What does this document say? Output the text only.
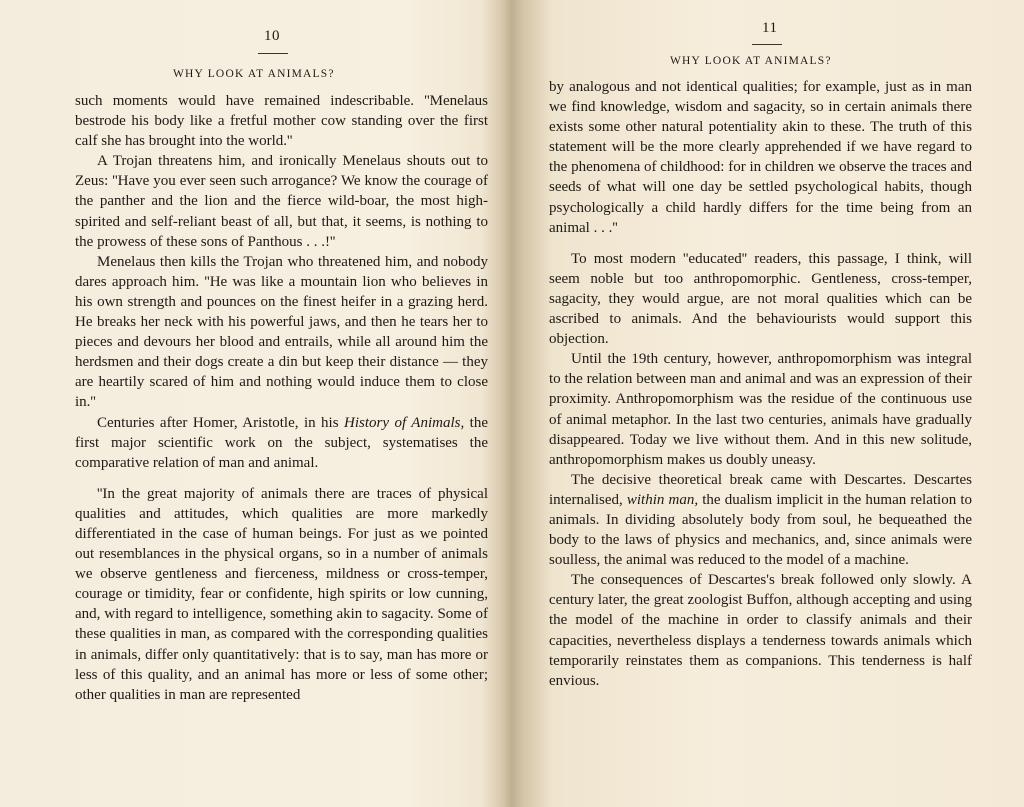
10
WHY LOOK AT ANIMALS?

such moments would have remained indescribable. ''Menelaus bestrode his body like a fretful mother cow standing over the first calf she has brought into the world.''

A Trojan threatens him, and ironically Menelaus shouts out to Zeus: ''Have you ever seen such arrogance? We know the courage of the panther and the lion and the fierce wild-boar, the most high-spirited and self-reliant beast of all, but that, it seems, is nothing to the prowess of these sons of Panthous . . .!''

Menelaus then kills the Trojan who threatened him, and nobody dares approach him. ''He was like a mountain lion who believes in his own strength and pounces on the finest heifer in a grazing herd. He breaks her neck with his powerful jaws, and then he tears her to pieces and devours her blood and entrails, while all around him the herdsmen and their dogs create a din but keep their distance — they are heartily scared of him and nothing would induce them to close in.''

Centuries after Homer, Aristotle, in his History of Animals, the first major scientific work on the subject, systematises the comparative relation of man and animal.

''In the great majority of animals there are traces of physical qualities and attitudes, which qualities are more markedly differentiated in the case of human beings. For just as we pointed out resemblances in the physical organs, so in a number of animals we observe gentleness and fierceness, mildness or cross-temper, courage or timidity, fear or confidente, high spirits or low cunning, and, with regard to intelligence, something akin to sagacity. Some of these qualities in man, as compared with the corresponding qualities in animals, differ only quantitatively: that is to say, man has more or less of this quality, and an animal has more or less of some other; other qualities in man are represented

11
WHY LOOK AT ANIMALS?

by analogous and not identical qualities; for example, just as in man we find knowledge, wisdom and sagacity, so in certain animals there exists some other natural potentiality akin to these. The truth of this statement will be the more clearly apprehended if we have regard to the phenomena of childhood: for in children we observe the traces and seeds of what will one day be settled psychological habits, though psychologically a child hardly differs for the time being from an animal . . .''

To most modern ''educated'' readers, this passage, I think, will seem noble but too anthropomorphic. Gentleness, cross-temper, sagacity, they would argue, are not moral qualities which can be ascribed to animals. And the behaviourists would support this objection.

Until the 19th century, however, anthropomorphism was integral to the relation between man and animal and was an expression of their proximity. Anthropomorphism was the residue of the continuous use of animal metaphor. In the last two centuries, animals have gradually disappeared. Today we live without them. And in this new solitude, anthropomorphism makes us doubly uneasy.

The decisive theoretical break came with Descartes. Descartes internalised, within man, the dualism implicit in the human relation to animals. In dividing absolutely body from soul, he bequeathed the body to the laws of physics and mechanics, and, since animals were soulless, the animal was reduced to the model of a machine.

The consequences of Descartes's break followed only slowly. A century later, the great zoologist Buffon, although accepting and using the model of the machine in order to classify animals and their capacities, nevertheless displays a tenderness towards animals which temporarily reinstates them as companions. This tenderness is half envious.
